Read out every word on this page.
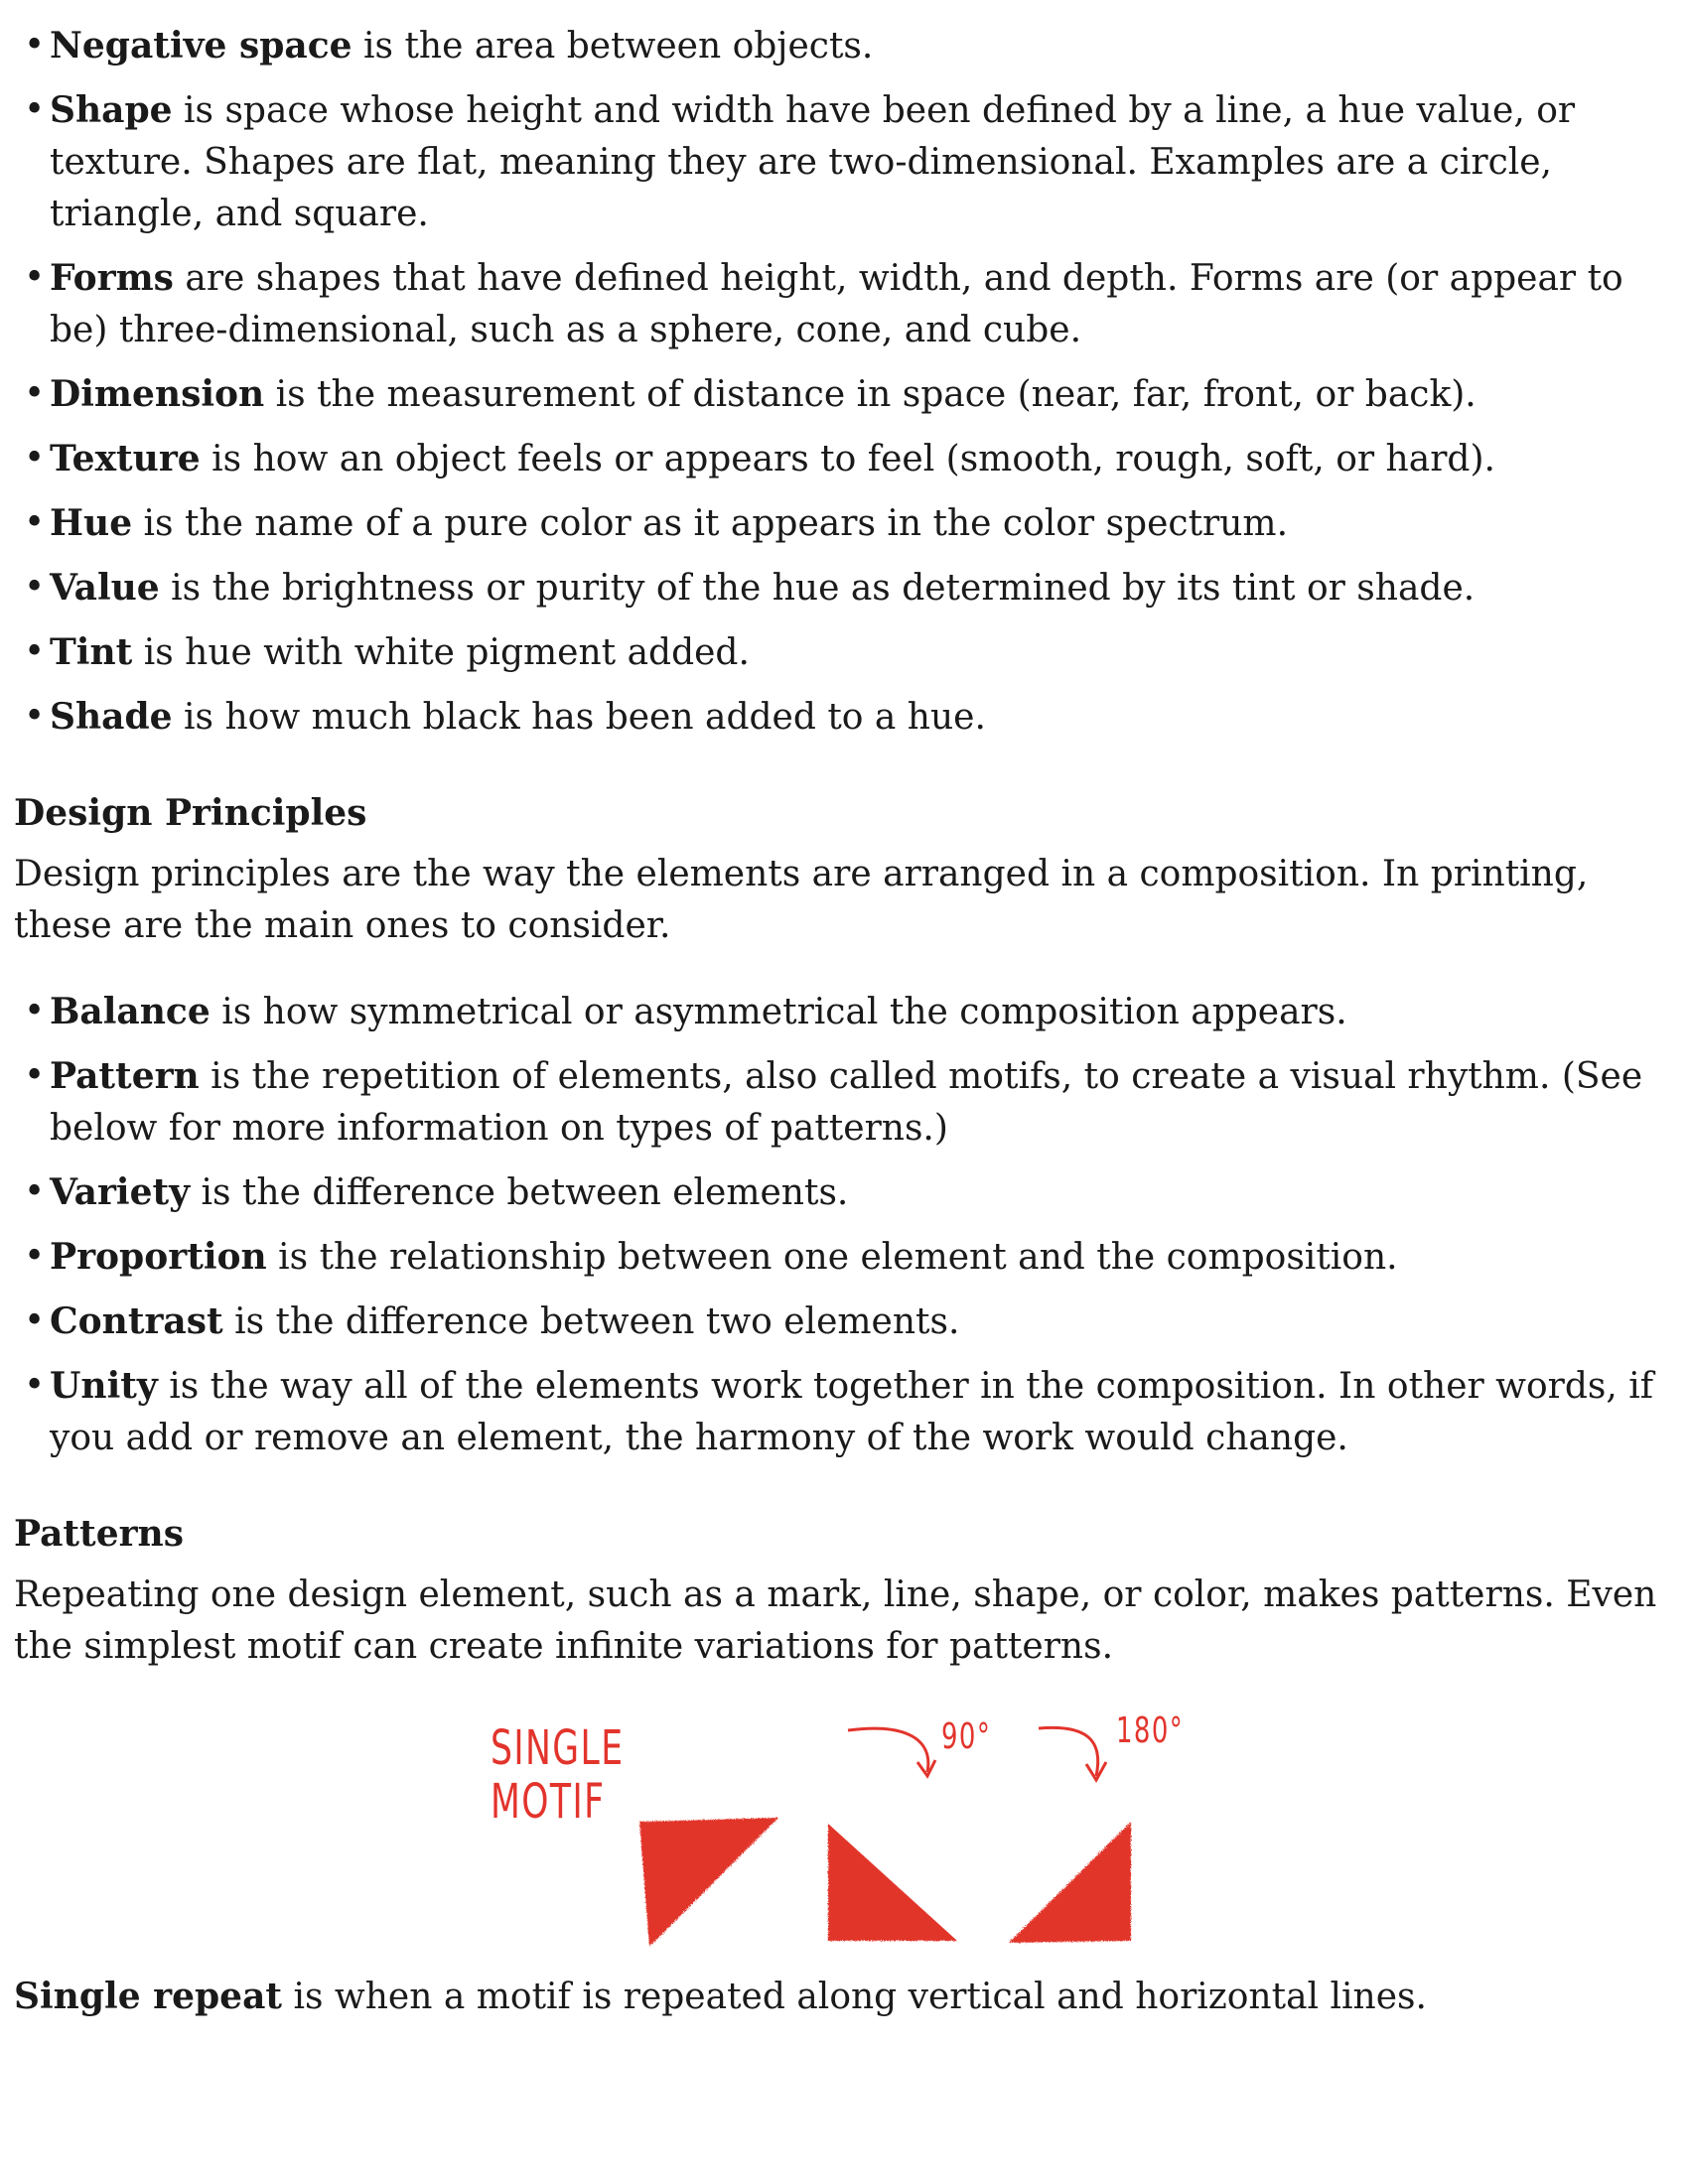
• Negative space is the area between objects.
• Shape is space whose height and width have been defined by a line, a hue value, or texture. Shapes are flat, meaning they are two-dimensional. Examples are a circle, triangle, and square.
• Forms are shapes that have defined height, width, and depth. Forms are (or appear to be) three-dimensional, such as a sphere, cone, and cube.
• Dimension is the measurement of distance in space (near, far, front, or back).
• Texture is how an object feels or appears to feel (smooth, rough, soft, or hard).
• Hue is the name of a pure color as it appears in the color spectrum.
• Value is the brightness or purity of the hue as determined by its tint or shade.
• Tint is hue with white pigment added.
• Shade is how much black has been added to a hue.
Design Principles

Design principles are the way the elements are arranged in a composition. In printing, these are the main ones to consider.

• Balance is how symmetrical or asymmetrical the composition appears.
• Pattern is the repetition of elements, also called motifs, to create a visual rhythm. (See below for more information on types of patterns.)
• Variety is the difference between elements.
• Proportion is the relationship between one element and the composition.
• Contrast is the difference between two elements.
• Unity is the way all of the elements work together in the composition. In other words, if you add or remove an element, the harmony of the work would change.
Patterns

Repeating one design element, such as a mark, line, shape, or color, makes patterns. Even the simplest motif can create infinite variations for patterns.

SINGLE
MOTIF
90°	180°

Single repeat is when a motif is repeated along vertical and horizontal lines.
